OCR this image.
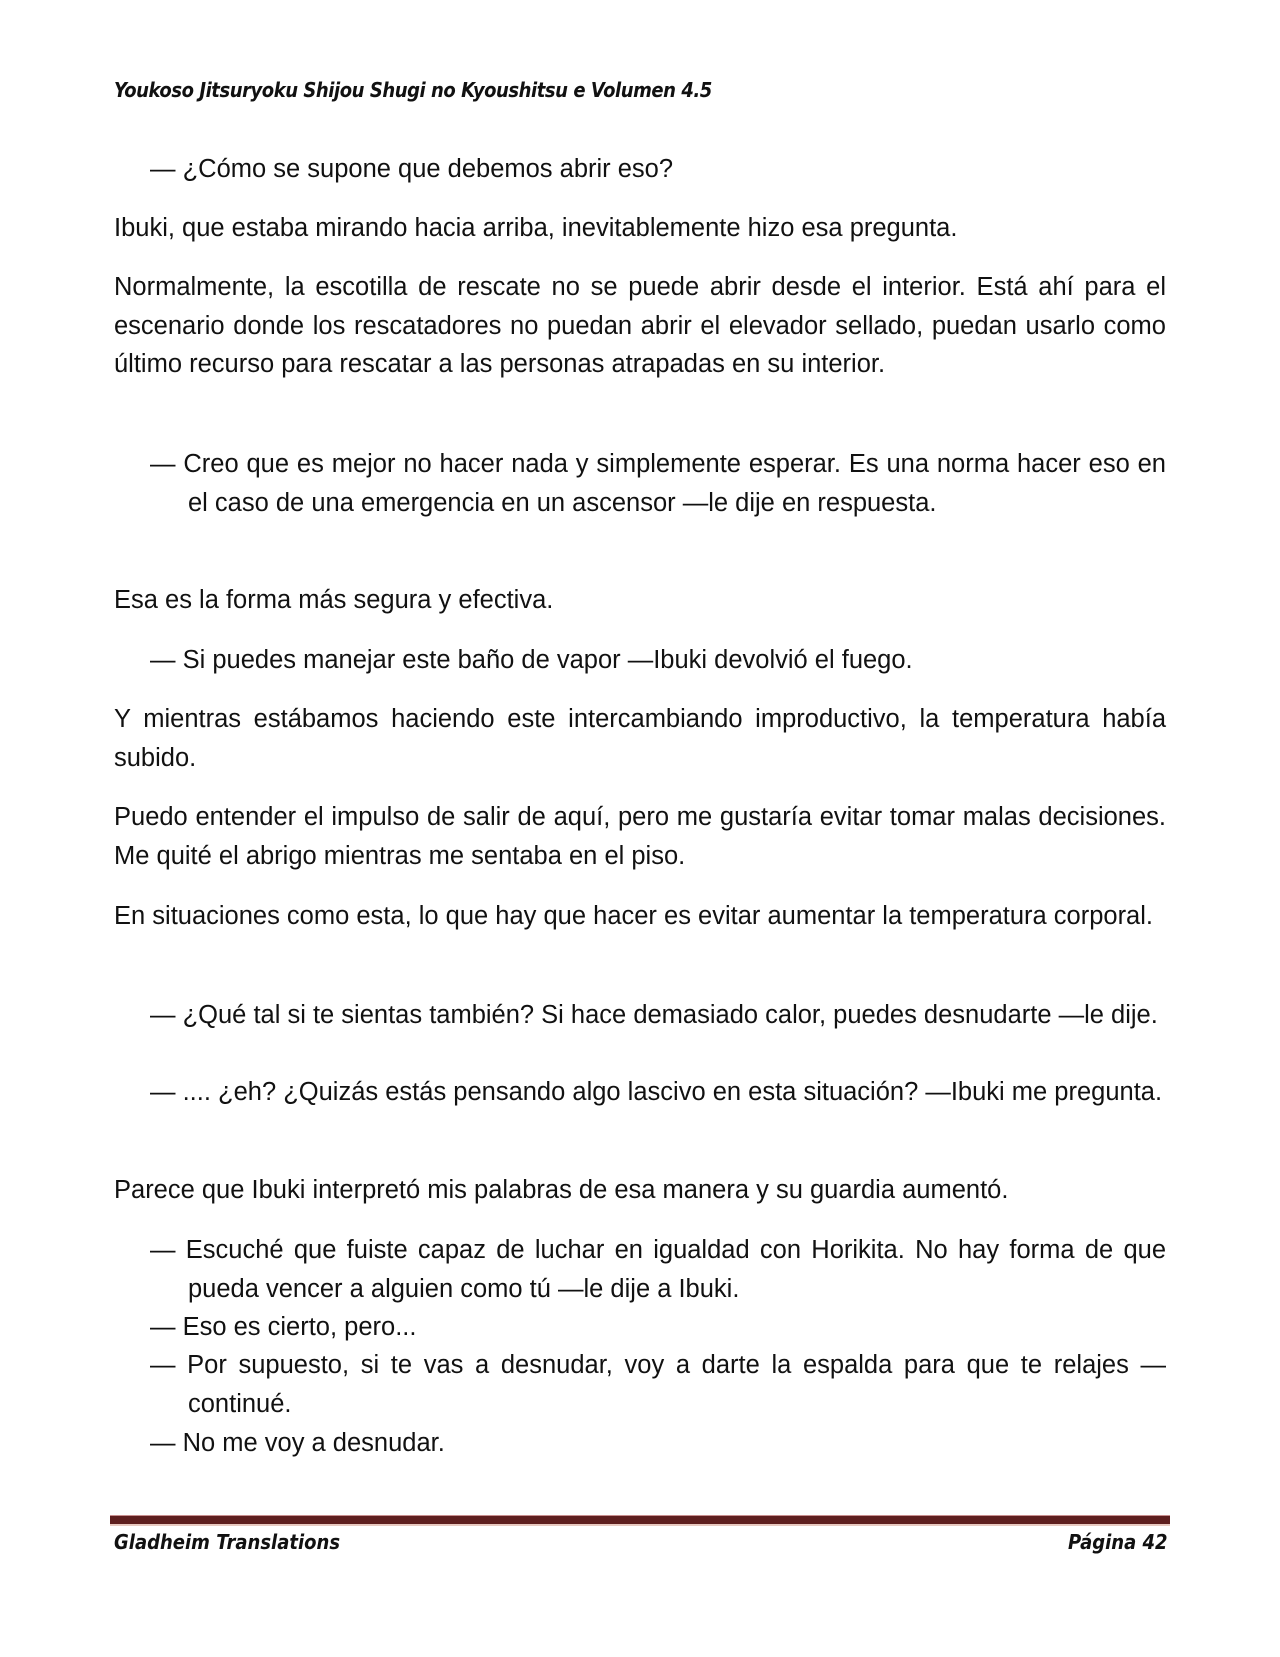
Youkoso Jitsuryoku Shijou Shugi no Kyoushitsu e Volumen 4.5
— ¿Cómo se supone que debemos abrir eso?
Ibuki, que estaba mirando hacia arriba, inevitablemente hizo esa pregunta.
Normalmente, la escotilla de rescate no se puede abrir desde el interior. Está ahí para el escenario donde los rescatadores no puedan abrir el elevador sellado, puedan usarlo como último recurso para rescatar a las personas atrapadas en su interior.
— Creo que es mejor no hacer nada y simplemente esperar. Es una norma hacer eso en el caso de una emergencia en un ascensor —le dije en respuesta.
Esa es la forma más segura y efectiva.
— Si puedes manejar este baño de vapor —Ibuki devolvió el fuego.
Y mientras estábamos haciendo este intercambiando improductivo, la temperatura había subido.
Puedo entender el impulso de salir de aquí, pero me gustaría evitar tomar malas decisiones. Me quité el abrigo mientras me sentaba en el piso.
En situaciones como esta, lo que hay que hacer es evitar aumentar la temperatura corporal.
— ¿Qué tal si te sientas también? Si hace demasiado calor, puedes desnudarte —le dije.
— .... ¿eh? ¿Quizás estás pensando algo lascivo en esta situación? —Ibuki me pregunta.
Parece que Ibuki interpretó mis palabras de esa manera y su guardia aumentó.
— Escuché que fuiste capaz de luchar en igualdad con Horikita. No hay forma de que pueda vencer a alguien como tú —le dije a Ibuki.
— Eso es cierto, pero...
— Por supuesto, si te vas a desnudar, voy a darte la espalda para que te relajes —continué.
— No me voy a desnudar.
Gladheim Translations	Página 42
